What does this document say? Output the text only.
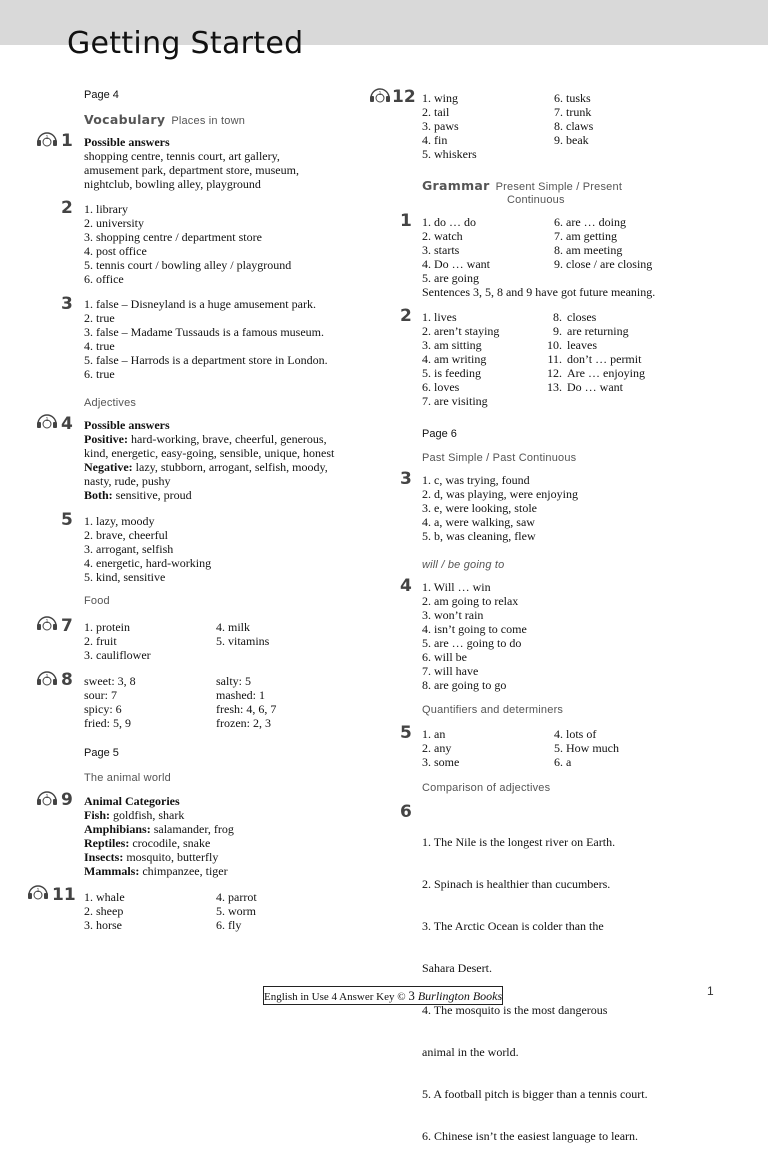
Getting Started
Page 4
Vocabulary Places in town
1 1 Possible answers
shopping centre, tennis court, art gallery,
amusement park, department store, museum,
nightclub, bowling alley, playground
2 1. library
2. university
3. shopping centre / department store
4. post office
5. tennis court / bowling alley / playground
6. office
3 1. false – Disneyland is a huge amusement park.
2. true
3. false – Madame Tussauds is a famous museum.
4. true
5. false – Harrods is a department store in London.
6. true
Adjectives
1 4 Possible answers
Positive: hard-working, brave, cheerful, generous,
kind, energetic, easy-going, sensible, unique, honest
Negative: lazy, stubborn, arrogant, selfish, moody,
nasty, rude, pushy
Both: sensitive, proud
5 1. lazy, moody
2. brave, cheerful
3. arrogant, selfish
4. energetic, hard-working
5. kind, sensitive
Food
1 7 1. protein
2. fruit
3. cauliflower
4. milk
5. vitamins
1 8 sweet: 3, 8
sour: 7
spicy: 6
fried: 5, 9
salty: 5
mashed: 1
fresh: 4, 6, 7
frozen: 2, 3
Page 5
The animal world
1 9 Animal Categories
Fish: goldfish, shark
Amphibians: salamander, frog
Reptiles: crocodile, snake
Insects: mosquito, butterfly
Mammals: chimpanzee, tiger
1 11 1. whale
2. sheep
3. horse
4. parrot
5. worm
6. fly
1 12 1. wing
2. tail
3. paws
4. fin
5. whiskers
6. tusks
7. trunk
8. claws
9. beak
Grammar Present Simple / Present
Continuous
1 1. do … do
2. watch
3. starts
4. Do … want
5. are going
6. are … doing
7. am getting
8. am meeting
9. close / are closing
Sentences 3, 5, 8 and 9 have got future meaning.
2 1. lives
2. aren’t staying
3. am sitting
4. am writing
5. is feeding
6. loves
7. are visiting
8. closes
9. are returning
10. leaves
11. don’t … permit
12. Are … enjoying
13. Do … want
Page 6
Past Simple / Past Continuous
3 1. c, was trying, found
2. d, was playing, were enjoying
3. e, were looking, stole
4. a, were walking, saw
5. b, was cleaning, flew
will / be going to
4 1. Will … win
2. am going to relax
3. won’t rain
4. isn’t going to come
5. are … going to do
6. will be
7. will have
8. are going to go
Quantifiers and determiners
5 1. an
2. any
3. some
4. lots of
5. How much
6. a
Comparison of adjectives
6

1. The Nile is the longest river on Earth.

2. Spinach is healthier than cucumbers.

3. The Arctic Ocean is colder than the

Sahara Desert.

4. The mosquito is the most dangerous

animal in the world.

5. A football pitch is bigger than a tennis court.

6. Chinese isn’t the easiest language to learn.

English in Use 4 Answer Key © 3 Burlington Books	1
